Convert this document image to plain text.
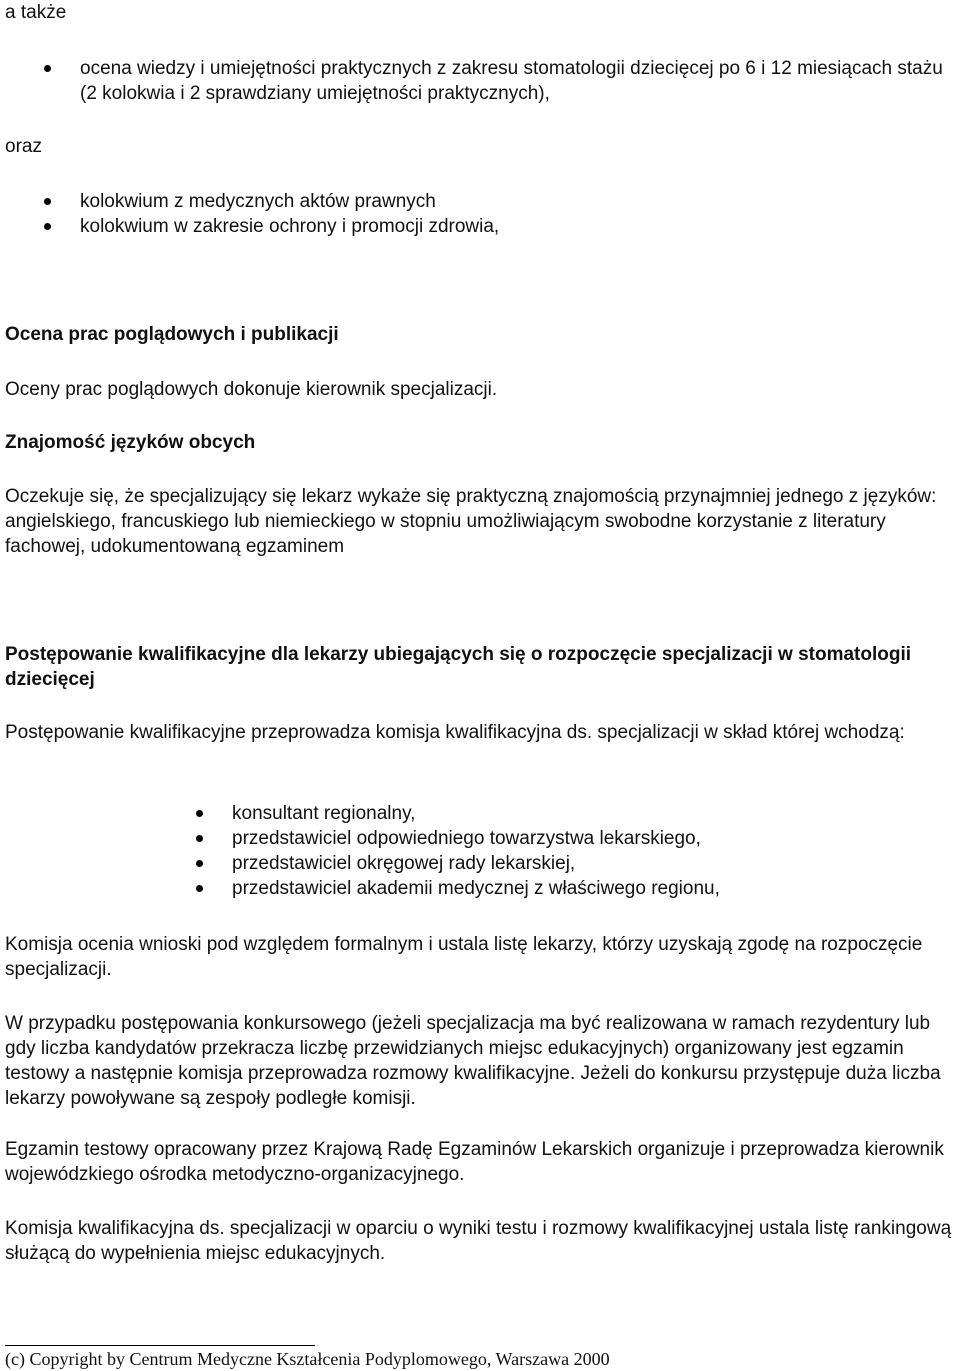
a także

ocena wiedzy i umiejętności praktycznych z zakresu stomatologii dziecięcej po 6 i 12 miesiącach stażu (2 kolokwia i 2 sprawdziany umiejętności praktycznych),

oraz

kolokwium z medycznych aktów prawnych
kolokwium w zakresie ochrony i promocji zdrowia,

Ocena prac poglądowych i publikacji

Oceny prac poglądowych dokonuje kierownik specjalizacji.

Znajomość języków obcych

Oczekuje się, że specjalizujący się lekarz wykaże się praktyczną znajomością przynajmniej jednego z języków: angielskiego, francuskiego lub niemieckiego w stopniu umożliwiającym swobodne korzystanie z literatury fachowej, udokumentowaną egzaminem

Postępowanie kwalifikacyjne dla lekarzy ubiegających się o rozpoczęcie specjalizacji w stomatologii dziecięcej

Postępowanie kwalifikacyjne przeprowadza komisja kwalifikacyjna ds. specjalizacji w skład której wchodzą:

konsultant regionalny,
przedstawiciel odpowiedniego towarzystwa lekarskiego,
przedstawiciel okręgowej rady lekarskiej,
przedstawiciel akademii medycznej z właściwego regionu,

Komisja ocenia wnioski pod względem formalnym i ustala listę lekarzy, którzy uzyskają zgodę na rozpoczęcie specjalizacji.

W przypadku postępowania konkursowego (jeżeli specjalizacja ma być realizowana w ramach rezydentury lub gdy liczba kandydatów przekracza liczbę przewidzianych miejsc edukacyjnych) organizowany jest egzamin testowy a następnie komisja przeprowadza rozmowy kwalifikacyjne. Jeżeli do konkursu przystępuje duża liczba lekarzy powoływane są zespoły podległe komisji.

Egzamin testowy opracowany przez Krajową Radę Egzaminów Lekarskich organizuje i przeprowadza kierownik wojewódzkiego ośrodka metodyczno-organizacyjnego.

Komisja kwalifikacyjna ds. specjalizacji w oparciu o wyniki testu i rozmowy kwalifikacyjnej ustala listę rankingową służącą do wypełnienia miejsc edukacyjnych.

(c) Copyright by Centrum Medyczne Kształcenia Podyplomowego, Warszawa 2000
